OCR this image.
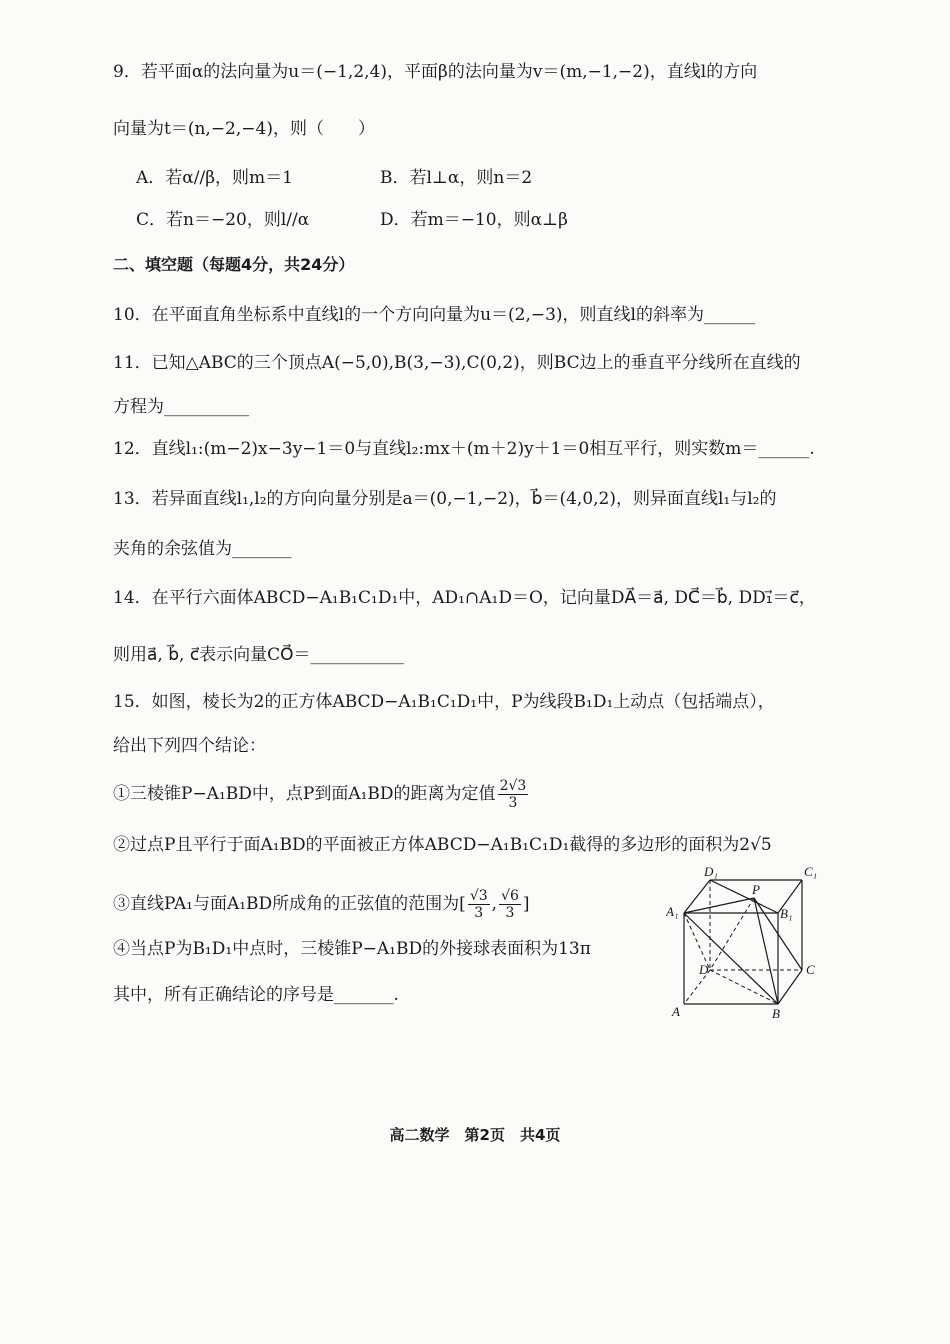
9．若平面α的法向量为u＝(−1,2,4)，平面β的法向量为v＝(m,−1,−2)，直线l的方向
向量为t＝(n,−2,−4)，则（　　）
A．若α//β，则m＝1	B．若l⊥α，则n＝2
C．若n＝−20，则l//α	D．若m＝−10，则α⊥β
二、填空题（每题4分，共24分）
10．在平面直角坐标系中直线l的一个方向向量为u＝(2,−3)，则直线l的斜率为______
11．已知△ABC的三个顶点A(−5,0),B(3,−3),C(0,2)，则BC边上的垂直平分线所在直线的
方程为__________
12．直线l₁:(m−2)x−3y−1＝0与直线l₂:mx＋(m＋2)y＋1＝0相互平行，则实数m＝______.
13．若异面直线l₁,l₂的方向向量分别是a＝(0,−1,−2)，b⃗＝(4,0,2)，则异面直线l₁与l₂的
夹角的余弦值为_______
14．在平行六面体ABCD−A₁B₁C₁D₁中，AD₁∩A₁D＝O，记向量DA⃗＝a⃗, DC⃗＝b⃗, DD₁⃗＝c⃗，
则用a⃗, b⃗, c⃗表示向量CO⃗＝___________
15．如图，棱长为2的正方体ABCD−A₁B₁C₁D₁中，P为线段B₁D₁上动点（包括端点），
给出下列四个结论：
①三棱锥P−A₁BD中，点P到面A₁BD的距离为定值 $\frac{2√3}{3}$
②过点P且平行于面A₁BD的平面被正方体ABCD−A₁B₁C₁D₁截得的多边形的面积为2√5
③直线PA₁与面A₁BD所成角的正弦值的范围为[ $\frac{√3}{3}$ , $\frac{√6}{3}$ ]
④当点P为B₁D₁中点时，三棱锥P−A₁BD的外接球表面积为13π
其中，所有正确结论的序号是_______.
D₁	C₁
A₁
P
B₁
D	C
A	B
高二数学　第2页　共4页
